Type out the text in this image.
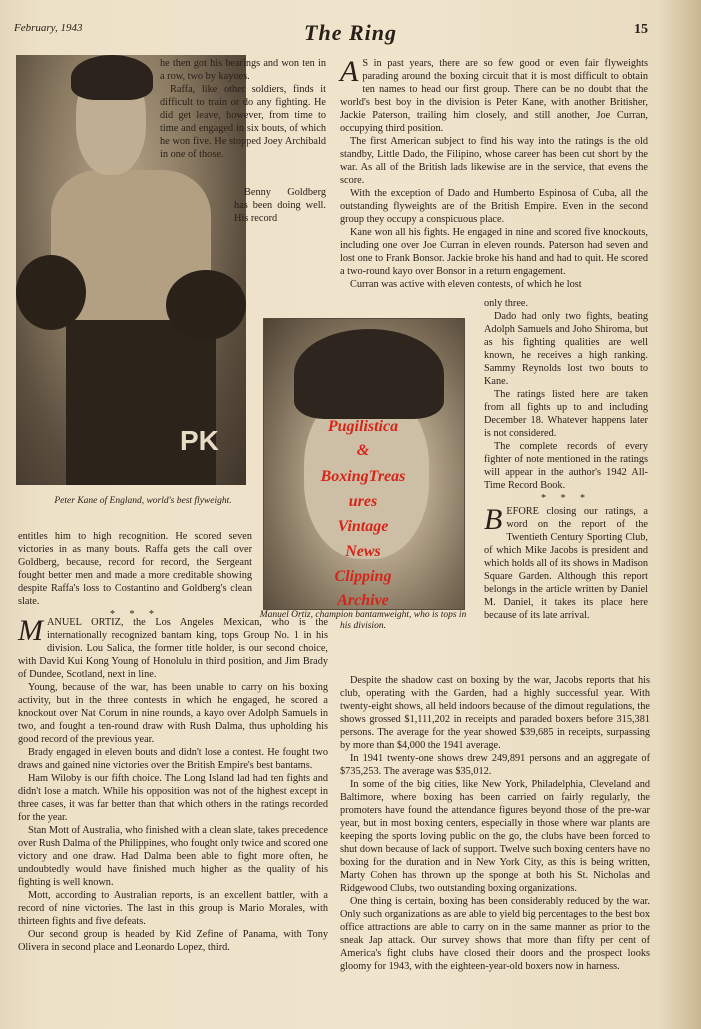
February, 1943	The Ring	15
PK
Peter Kane of England, world's best flyweight.

he then got his bearings and won ten in a row, two by kayoes.

Raffa, like other soldiers, finds it difficult to train or do any fighting. He did get leave, however, from time to time and engaged in six bouts, of which he won five. He stopped Joey Archibald in one of those.

Benny Goldberg has been doing well. His record

entitles him to high recognition. He scored seven victories in as many bouts. Raffa gets the call over Goldberg, because, record for record, the Sergeant fought better men and made a more creditable showing despite Raffa's loss to Costantino and Goldberg's clean slate.

* * *

MANUEL ORTIZ, the Los Angeles Mexican, who is the internationally recognized bantam king, tops Group No. 1 in his division. Lou Salica, the former title holder, is our second choice, with David Kui Kong Young of Honolulu in third position, and Jim Brady of Dundee, Scotland, next in line.

Young, because of the war, has been unable to carry on his boxing activity, but in the three contests in which he engaged, he scored a knockout over Nat Corum in nine rounds, a kayo over Adolph Samuels in two, and fought a ten-round draw with Rush Dalma, thus upholding his good record of the previous year.

Brady engaged in eleven bouts and didn't lose a contest. He fought two draws and gained nine victories over the British Empire's best bantams.

Ham Wiloby is our fifth choice. The Long Island lad had ten fights and didn't lose a match. While his opposition was not of the highest except in three cases, it was far better than that which others in the ratings recorded for the year.

Stan Mott of Australia, who finished with a clean slate, takes precedence over Rush Dalma of the Philippines, who fought only twice and scored one victory and one draw. Had Dalma been able to fight more often, he undoubtedly would have finished much higher as the quality of his fighting is well known.

Mott, according to Australian reports, is an excellent battler, with a record of nine victories. The last in this group is Mario Morales, with thirteen fights and five defeats.

Our second group is headed by Kid Zefine of Panama, with Tony Olivera in second place and Leonardo Lopez, third.

A S in past years, there are so few good or even fair flyweights parading around the boxing circuit that it is most difficult to obtain ten names to head our first group. There can be no doubt that the world's best boy in the division is Peter Kane, with another Britisher, Jackie Paterson, trailing him closely, and still another, Joe Curran, occupying third position.

The first American subject to find his way into the ratings is the old standby, Little Dado, the Filipino, whose career has been cut short by the war. As all of the British lads likewise are in the service, that evens the score.

With the exception of Dado and Humberto Espinosa of Cuba, all the outstanding flyweights are of the British Empire. Even in the second group they occupy a conspicuous place.

Kane won all his fights. He engaged in nine and scored five knockouts, including one over Joe Curran in eleven rounds. Paterson had seven and lost one to Frank Bonsor. Jackie broke his hand and had to quit. He scored a two-round kayo over Bonsor in a return engagement.

Curran was active with eleven contests, of which he lost

Pugilistica
&
BoxingTreas
ures
Vintage
News
Clipping
Archive
Manuel Ortiz, champion bantamweight, who is tops in his division.

only three.

Dado had only two fights, beating Adolph Samuels and Joho Shiroma, but as his fighting qualities are well known, he receives a high ranking. Sammy Reynolds lost two bouts to Kane.

The ratings listed here are taken from all fights up to and including December 18. Whatever happens later is not considered.

The complete records of every fighter of note mentioned in the ratings will appear in the author's 1942 All-Time Record Book.

* * *

BEFORE closing our ratings, a word on the report of the Twentieth Century Sporting Club, of which Mike Jacobs is president and which holds all of its shows in Madison Square Garden. Although this report belongs in the article written by Daniel M. Daniel, it takes its place here because of its late arrival.

Despite the shadow cast on boxing by the war, Jacobs reports that his club, operating with the Garden, had a highly successful year. With twenty-eight shows, all held indoors because of the dimout regulations, the shows grossed $1,111,202 in receipts and paraded boxers before 315,381 persons. The average for the year showed $39,685 in receipts, surpassing by more than $4,000 the 1941 average.

In 1941 twenty-one shows drew 249,891 persons and an aggregate of $735,253. The average was $35,012.

In some of the big cities, like New York, Philadelphia, Cleveland and Baltimore, where boxing has been carried on fairly regularly, the promoters have found the attendance figures beyond those of the pre-war year, but in most boxing centers, especially in those where war plants are keeping the sports loving public on the go, the clubs have been forced to shut down because of lack of support. Twelve such boxing centers have no boxing for the duration and in New York City, as this is being written, Marty Cohen has thrown up the sponge at both his St. Nicholas and Ridgewood Clubs, two outstanding boxing organizations.

One thing is certain, boxing has been considerably reduced by the war. Only such organizations as are able to yield big percentages to the best box office attractions are able to carry on in the same manner as prior to the sneak Jap attack. Our survey shows that more than fifty per cent of America's fight clubs have closed their doors and the prospect looks gloomy for 1943, with the eighteen-year-old boxers now in harness.
